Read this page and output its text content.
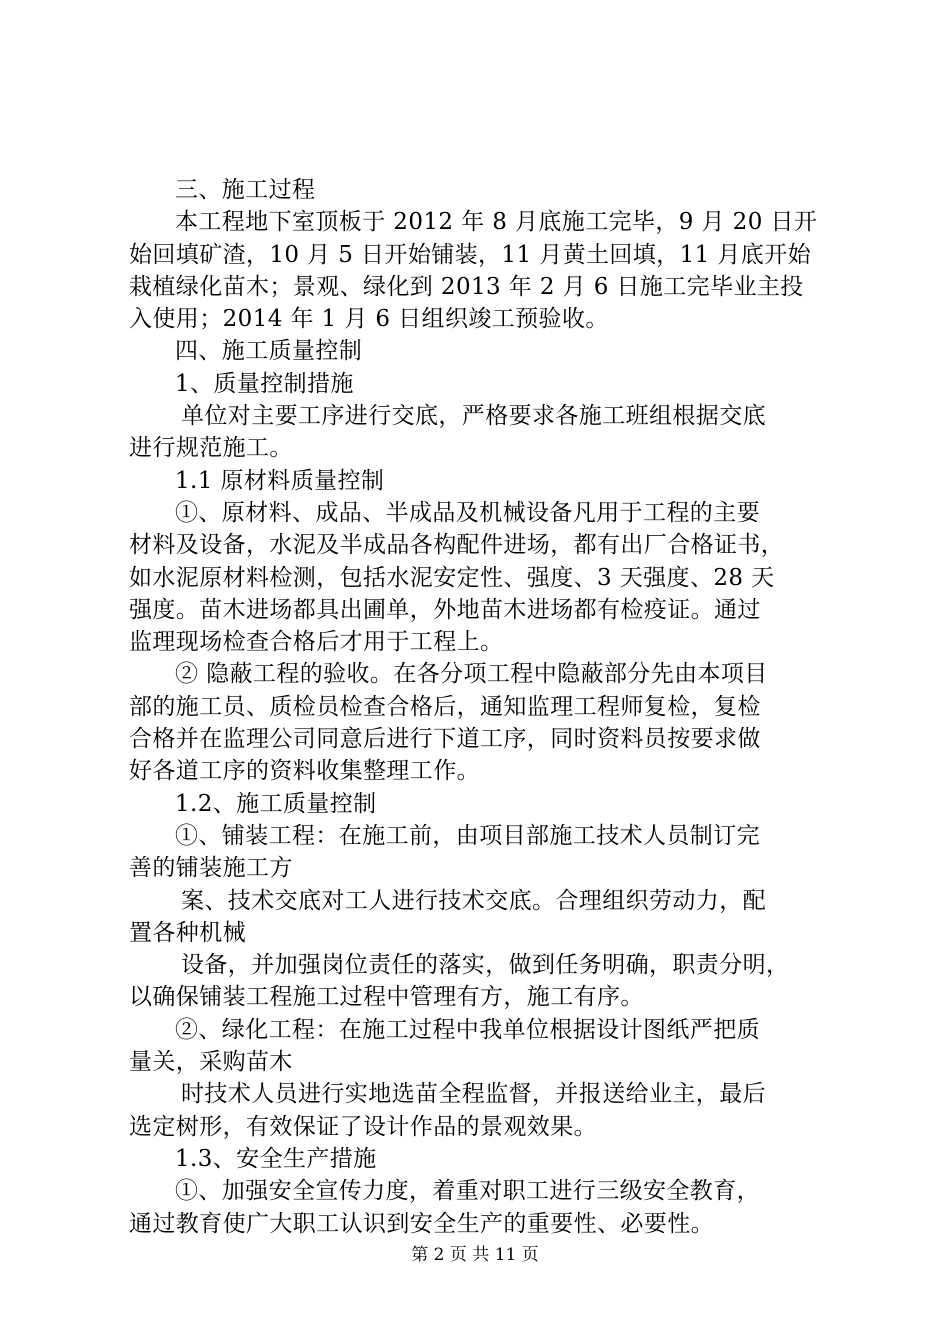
三、施工过程
本工程地下室顶板于 2012 年 8 月底施工完毕，9 月 20 日开
始回填矿渣，10 月 5 日开始铺装，11 月黄土回填，11 月底开始
栽植绿化苗木；景观、绿化到 2013 年 2 月 6 日施工完毕业主投
入使用；2014 年 1 月 6 日组织竣工预验收。
四、施工质量控制
1、质量控制措施
单位对主要工序进行交底，严格要求各施工班组根据交底
进行规范施工。
1.1 原材料质量控制
①、原材料、成品、半成品及机械设备凡用于工程的主要
材料及设备，水泥及半成品各构配件进场，都有出厂合格证书，
如水泥原材料检测，包括水泥安定性、强度、3 天强度、28 天
强度。苗木进场都具出圃单，外地苗木进场都有检疫证。通过
监理现场检查合格后才用于工程上。
② 隐蔽工程的验收。在各分项工程中隐蔽部分先由本项目
部的施工员、质检员检查合格后，通知监理工程师复检，复检
合格并在监理公司同意后进行下道工序，同时资料员按要求做
好各道工序的资料收集整理工作。
1.2、施工质量控制
①、铺装工程：在施工前，由项目部施工技术人员制订完
善的铺装施工方
案、技术交底对工人进行技术交底。合理组织劳动力，配
置各种机械
设备，并加强岗位责任的落实，做到任务明确，职责分明，
以确保铺装工程施工过程中管理有方，施工有序。
②、绿化工程：在施工过程中我单位根据设计图纸严把质
量关，采购苗木
时技术人员进行实地选苗全程监督，并报送给业主，最后
选定树形，有效保证了设计作品的景观效果。
1.3、安全生产措施
①、加强安全宣传力度，着重对职工进行三级安全教育，
通过教育使广大职工认识到安全生产的重要性、必要性。
第 2 页 共 11 页
